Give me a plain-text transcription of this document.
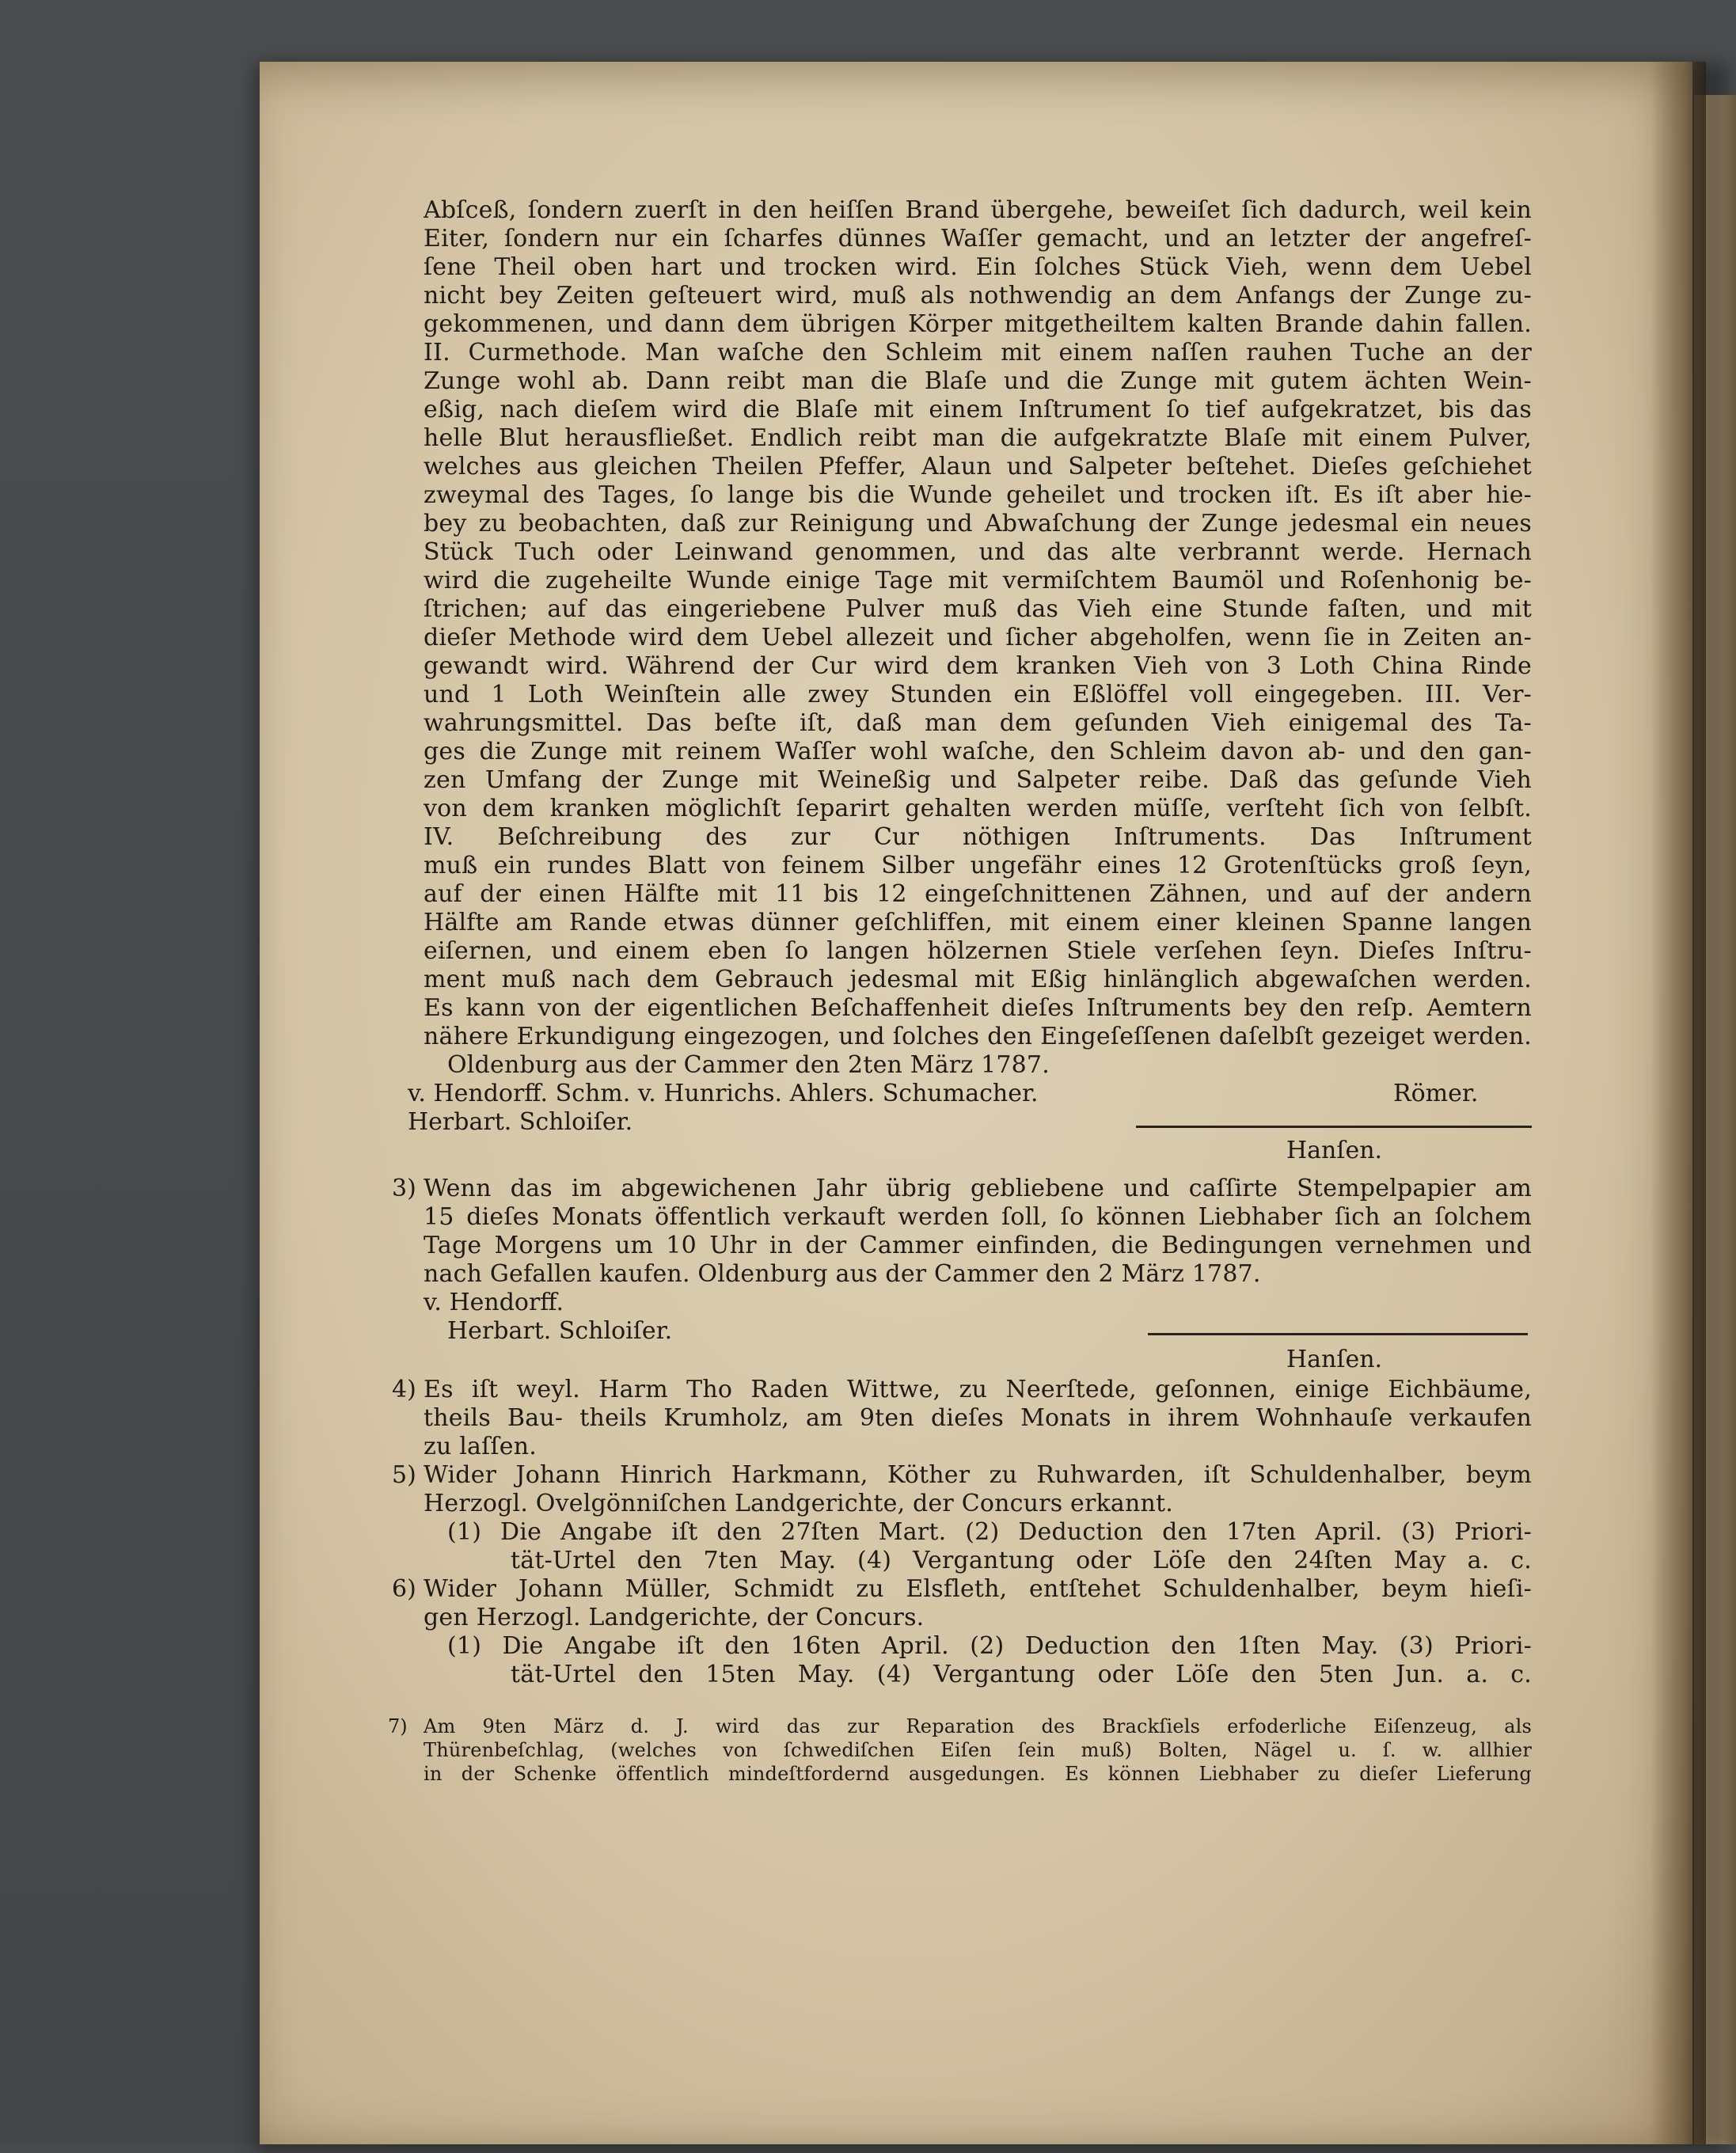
Abſceß, ſondern zuerſt in den heiſſen Brand übergehe, beweiſet ſich dadurch, weil kein
Eiter, ſondern nur ein ſcharfes dünnes Waſſer gemacht, und an letzter der angefreſ-
ſene Theil oben hart und trocken wird. Ein ſolches Stück Vieh, wenn dem Uebel
nicht bey Zeiten geſteuert wird, muß als nothwendig an dem Anfangs der Zunge zu-
gekommenen, und dann dem übrigen Körper mitgetheiltem kalten Brande dahin fallen.
II. Curmethode. Man waſche den Schleim mit einem naſſen rauhen Tuche an der
Zunge wohl ab. Dann reibt man die Blaſe und die Zunge mit gutem ächten Wein-
eßig, nach dieſem wird die Blaſe mit einem Inſtrument ſo tief aufgekratzet, bis das
helle Blut herausfließet. Endlich reibt man die aufgekratzte Blaſe mit einem Pulver,
welches aus gleichen Theilen Pfeffer, Alaun und Salpeter beſtehet. Dieſes geſchiehet
zweymal des Tages, ſo lange bis die Wunde geheilet und trocken iſt. Es iſt aber hie-
bey zu beobachten, daß zur Reinigung und Abwaſchung der Zunge jedesmal ein neues
Stück Tuch oder Leinwand genommen, und das alte verbrannt werde. Hernach
wird die zugeheilte Wunde einige Tage mit vermiſchtem Baumöl und Roſenhonig be-
ſtrichen; auf das eingeriebene Pulver muß das Vieh eine Stunde faſten, und mit
dieſer Methode wird dem Uebel allezeit und ſicher abgeholfen, wenn ſie in Zeiten an-
gewandt wird. Während der Cur wird dem kranken Vieh von 3 Loth China Rinde
und 1 Loth Weinſtein alle zwey Stunden ein Eßlöffel voll eingegeben. III. Ver-
wahrungsmittel. Das beſte iſt, daß man dem geſunden Vieh einigemal des Ta-
ges die Zunge mit reinem Waſſer wohl waſche, den Schleim davon ab- und den gan-
zen Umfang der Zunge mit Weineßig und Salpeter reibe. Daß das geſunde Vieh
von dem kranken möglichſt ſeparirt gehalten werden müſſe, verſteht ſich von ſelbſt.
IV. Beſchreibung des zur Cur nöthigen Inſtruments. Das Inſtrument
muß ein rundes Blatt von feinem Silber ungefähr eines 12 Grotenſtücks groß ſeyn,
auf der einen Hälfte mit 11 bis 12 eingeſchnittenen Zähnen, und auf der andern
Hälfte am Rande etwas dünner geſchliffen, mit einem einer kleinen Spanne langen
eiſernen, und einem eben ſo langen hölzernen Stiele verſehen ſeyn. Dieſes Inſtru-
ment muß nach dem Gebrauch jedesmal mit Eßig hinlänglich abgewaſchen werden.
Es kann von der eigentlichen Beſchaffenheit dieſes Inſtruments bey den reſp. Aemtern
nähere Erkundigung eingezogen, und ſolches den Eingeſeſſenen daſelbſt gezeiget werden.
Oldenburg aus der Cammer den 2ten März 1787.
v. Hendorff. Schm. v. Hunrichs. Ahlers. Schumacher.	Römer.
Herbart. Schloiſer.
Hanſen.
3) Wenn das im abgewichenen Jahr übrig gebliebene und caſſirte Stempelpapier am
15 dieſes Monats öffentlich verkauft werden ſoll, ſo können Liebhaber ſich an ſolchem
Tage Morgens um 10 Uhr in der Cammer einfinden, die Bedingungen vernehmen und
nach Gefallen kaufen. Oldenburg aus der Cammer den 2 März 1787.
v. Hendorff.
Herbart. Schloiſer.
Hanſen.
4) Es iſt weyl. Harm Tho Raden Wittwe, zu Neerſtede, geſonnen, einige Eichbäume,
theils Bau- theils Krumholz, am 9ten dieſes Monats in ihrem Wohnhauſe verkaufen
zu laſſen.
5) Wider Johann Hinrich Harkmann, Köther zu Ruhwarden, iſt Schuldenhalber, beym
Herzogl. Ovelgönniſchen Landgerichte, der Concurs erkannt.
(1) Die Angabe iſt den 27ſten Mart. (2) Deduction den 17ten April. (3) Priori-
tät-Urtel den 7ten May. (4) Vergantung oder Löſe den 24ſten May a. c.
6) Wider Johann Müller, Schmidt zu Elsfleth, entſtehet Schuldenhalber, beym hieſi-
gen Herzogl. Landgerichte, der Concurs.
(1) Die Angabe iſt den 16ten April. (2) Deduction den 1ſten May. (3) Priori-
tät-Urtel den 15ten May. (4) Vergantung oder Löſe den 5ten Jun. a. c.
7) Am 9ten März d. J. wird das zur Reparation des Brackſiels erfoderliche Eiſenzeug, als
Thürenbeſchlag, (welches von ſchwediſchen Eiſen ſein muß) Bolten, Nägel u. ſ. w. allhier
in der Schenke öffentlich mindeſtfordernd ausgedungen. Es können Liebhaber zu dieſer Lieferung
